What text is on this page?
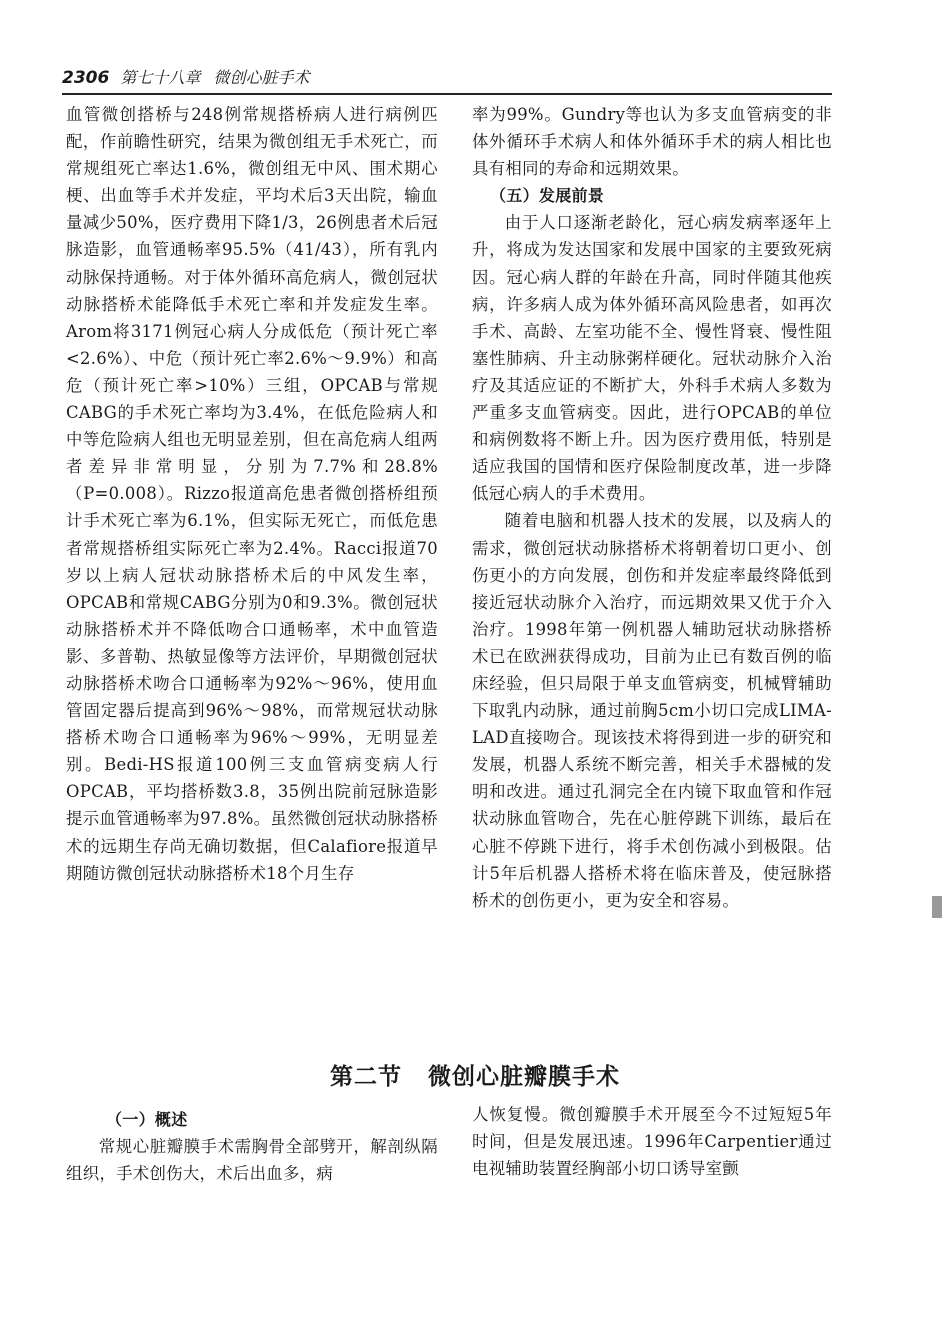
2306 第七十八章 微创心脏手术

血管微创搭桥与248例常规搭桥病人进行病例匹配，作前瞻性研究，结果为微创组无手术死亡，而常规组死亡率达1.6%，微创组无中风、围术期心梗、出血等手术并发症，平均术后3天出院，输血量减少50%，医疗费用下降1/3，26例患者术后冠脉造影，血管通畅率95.5%（41/43），所有乳内动脉保持通畅。对于体外循环高危病人，微创冠状动脉搭桥术能降低手术死亡率和并发症发生率。Arom将3171例冠心病人分成低危（预计死亡率<2.6%）、中危（预计死亡率2.6%～9.9%）和高危（预计死亡率>10%）三组，OPCAB与常规CABG的手术死亡率均为3.4%，在低危险病人和中等危险病人组也无明显差别，但在高危病人组两者差异非常明显，分别为7.7%和28.8%（P=0.008）。Rizzo报道高危患者微创搭桥组预计手术死亡率为6.1%，但实际无死亡，而低危患者常规搭桥组实际死亡率为2.4%。Racci报道70岁以上病人冠状动脉搭桥术后的中风发生率，OPCAB和常规CABG分别为0和9.3%。微创冠状动脉搭桥术并不降低吻合口通畅率，术中血管造影、多普勒、热敏显像等方法评价，早期微创冠状动脉搭桥术吻合口通畅率为92%～96%，使用血管固定器后提高到96%～98%，而常规冠状动脉搭桥术吻合口通畅率为96%～99%，无明显差别。Bedi-HS报道100例三支血管病变病人行OPCAB，平均搭桥数3.8，35例出院前冠脉造影提示血管通畅率为97.8%。虽然微创冠状动脉搭桥术的远期生存尚无确切数据，但Calafiore报道早期随访微创冠状动脉搭桥术18个月生存

率为99%。Gundry等也认为多支血管病变的非体外循环手术病人和体外循环手术的病人相比也具有相同的寿命和远期效果。

（五）发展前景

由于人口逐渐老龄化，冠心病发病率逐年上升，将成为发达国家和发展中国家的主要致死病因。冠心病人群的年龄在升高，同时伴随其他疾病，许多病人成为体外循环高风险患者，如再次手术、高龄、左室功能不全、慢性肾衰、慢性阻塞性肺病、升主动脉粥样硬化。冠状动脉介入治疗及其适应证的不断扩大，外科手术病人多数为严重多支血管病变。因此，进行OPCAB的单位和病例数将不断上升。因为医疗费用低，特别是适应我国的国情和医疗保险制度改革，进一步降低冠心病人的手术费用。

随着电脑和机器人技术的发展，以及病人的需求，微创冠状动脉搭桥术将朝着切口更小、创伤更小的方向发展，创伤和并发症率最终降低到接近冠状动脉介入治疗，而远期效果又优于介入治疗。1998年第一例机器人辅助冠状动脉搭桥术已在欧洲获得成功，目前为止已有数百例的临床经验，但只局限于单支血管病变，机械臂辅助下取乳内动脉，通过前胸5cm小切口完成LIMA-LAD直接吻合。现该技术将得到进一步的研究和发展，机器人系统不断完善，相关手术器械的发明和改进。通过孔洞完全在内镜下取血管和作冠状动脉血管吻合，先在心脏停跳下训练，最后在心脏不停跳下进行，将手术创伤减小到极限。估计5年后机器人搭桥术将在临床普及，使冠脉搭桥术的创伤更小，更为安全和容易。

第二节 微创心脏瓣膜手术

（一）概述

常规心脏瓣膜手术需胸骨全部劈开，解剖纵隔组织，手术创伤大，术后出血多，病

人恢复慢。微创瓣膜手术开展至今不过短短5年时间，但是发展迅速。1996年Carpentier通过电视辅助装置经胸部小切口诱导室颤
